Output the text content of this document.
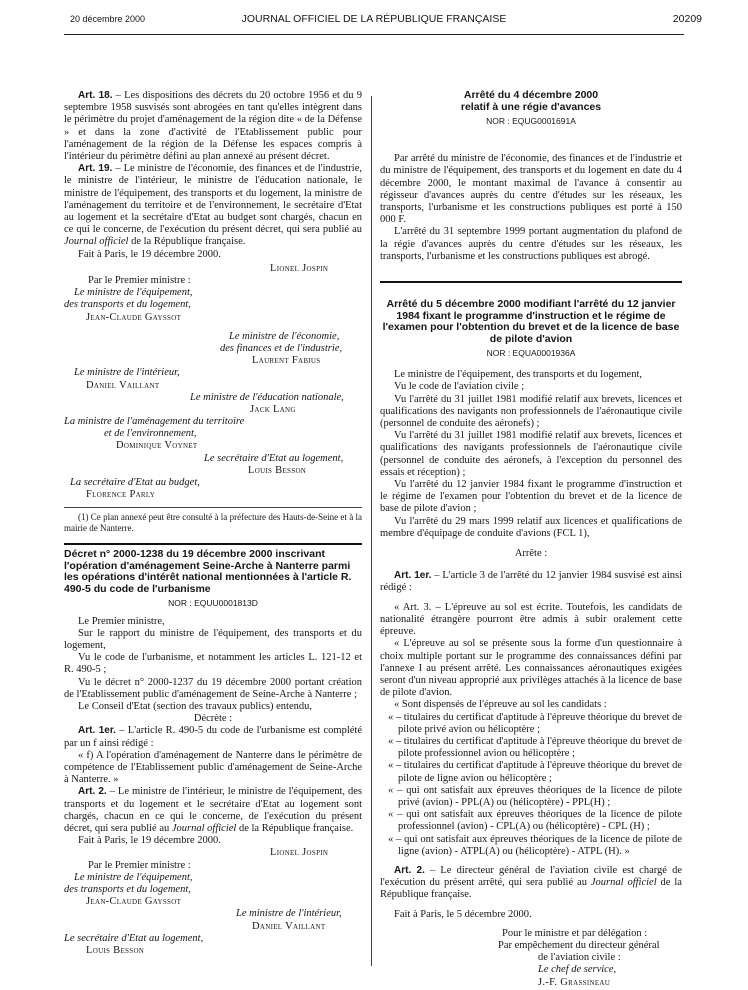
20 décembre 2000	JOURNAL OFFICIEL DE LA RÉPUBLIQUE FRANÇAISE	20209

Art. 18. – Les dispositions des décrets du 20 octobre 1956 et du 9 septembre 1958 susvisés sont abrogées en tant qu'elles intègrent dans le périmètre du projet d'aménagement de la région dite « de la Défense » et dans la zone d'activité de l'Etablissement public pour l'aménagement de la région de la Défense les espaces compris à l'intérieur du périmètre défini au plan annexé au présent décret.

Art. 19. – Le ministre de l'économie, des finances et de l'industrie, le ministre de l'intérieur, le ministre de l'éducation nationale, le ministre de l'équipement, des transports et du logement, la ministre de l'aménagement du territoire et de l'environnement, le secrétaire d'Etat au logement et la secrétaire d'Etat au budget sont chargés, chacun en ce qui le concerne, de l'exécution du présent décret, qui sera publié au Journal officiel de la République française.

Fait à Paris, le 19 décembre 2000.

Lionel Jospin
Par le Premier ministre :
Le ministre de l'équipement,
des transports et du logement,
Jean-Claude Gayssot
Le ministre de l'économie,
des finances et de l'industrie,
Laurent Fabius
Le ministre de l'intérieur,
Daniel Vaillant
Le ministre de l'éducation nationale,
Jack Lang
La ministre de l'aménagement du territoire
et de l'environnement,
Dominique Voynet
Le secrétaire d'Etat au logement,
Louis Besson
La secrétaire d'Etat au budget,
Florence Parly

(1) Ce plan annexé peut être consulté à la préfecture des Hauts-de-Seine et à la mairie de Nanterre.

Décret n° 2000-1238 du 19 décembre 2000 inscrivant l'opération d'aménagement Seine-Arche à Nanterre parmi les opérations d'intérêt national mentionnées à l'article R. 490-5 du code de l'urbanisme
NOR : EQUU0001813D

Le Premier ministre,

Sur le rapport du ministre de l'équipement, des transports et du logement,

Vu le code de l'urbanisme, et notamment les articles L. 121-12 et R. 490-5 ;

Vu le décret n° 2000-1237 du 19 décembre 2000 portant création de l'Etablissement public d'aménagement de Seine-Arche à Nanterre ;

Le Conseil d'Etat (section des travaux publics) entendu,

Décrète :

Art. 1er. – L'article R. 490-5 du code de l'urbanisme est complété par un f ainsi rédigé :

« f) A l'opération d'aménagement de Nanterre dans le périmètre de compétence de l'Etablissement public d'aménagement de Seine-Arche à Nanterre. »

Art. 2. – Le ministre de l'intérieur, le ministre de l'équipement, des transports et du logement et le secrétaire d'Etat au logement sont chargés, chacun en ce qui le concerne, de l'exécution du présent décret, qui sera publié au Journal officiel de la République française.

Fait à Paris, le 19 décembre 2000.

Lionel Jospin
Par le Premier ministre :
Le ministre de l'équipement,
des transports et du logement,
Jean-Claude Gayssot
Le ministre de l'intérieur,
Daniel Vaillant
Le secrétaire d'Etat au logement,
Louis Besson
Arrêté du 4 décembre 2000
relatif à une régie d'avances
NOR : EQUG0001691A

Par arrêté du ministre de l'économie, des finances et de l'industrie et du ministre de l'équipement, des transports et du logement en date du 4 décembre 2000, le montant maximal de l'avance à consentir au régisseur d'avances auprès du centre d'études sur les réseaux, les transports, l'urbanisme et les constructions publiques est porté à 150 000 F.

L'arrêté du 31 septembre 1999 portant augmentation du plafond de la régie d'avances auprès du centre d'études sur les réseaux, les transports, l'urbanisme et les constructions publiques est abrogé.

Arrêté du 5 décembre 2000 modifiant l'arrêté du 12 janvier 1984 fixant le programme d'instruction et le régime de l'examen pour l'obtention du brevet et de la licence de base de pilote d'avion
NOR : EQUA0001936A

Le ministre de l'équipement, des transports et du logement,

Vu le code de l'aviation civile ;

Vu l'arrêté du 31 juillet 1981 modifié relatif aux brevets, licences et qualifications des navigants non professionnels de l'aéronautique civile (personnel de conduite des aéronefs) ;

Vu l'arrêté du 31 juillet 1981 modifié relatif aux brevets, licences et qualifications des navigants professionnels de l'aéronautique civile (personnel de conduite des aéronefs, à l'exception du personnel des essais et réception) ;

Vu l'arrêté du 12 janvier 1984 fixant le programme d'instruction et le régime de l'examen pour l'obtention du brevet et de la licence de base de pilote d'avion ;

Vu l'arrêté du 29 mars 1999 relatif aux licences et qualifications de membre d'équipage de conduite d'avions (FCL 1),

Arrête :

Art. 1er. – L'article 3 de l'arrêté du 12 janvier 1984 susvisé est ainsi rédigé :

« Art. 3. – L'épreuve au sol est écrite. Toutefois, les candidats de nationalité étrangère pourront être admis à subir oralement cette épreuve.

« L'épreuve au sol se présente sous la forme d'un questionnaire à choix multiple portant sur le programme des connaissances défini par l'annexe I au présent arrêté. Les connaissances aéronautiques exigées seront d'un niveau approprié aux privilèges attachés à la licence de base de pilote d'avion.

« Sont dispensés de l'épreuve au sol les candidats :

« – titulaires du certificat d'aptitude à l'épreuve théorique du brevet de pilote privé avion ou hélicoptère ;

« – titulaires du certificat d'aptitude à l'épreuve théorique du brevet de pilote professionnel avion ou hélicoptère ;

« – titulaires du certificat d'aptitude à l'épreuve théorique du brevet de pilote de ligne avion ou hélicoptère ;

« – qui ont satisfait aux épreuves théoriques de la licence de pilote privé (avion) - PPL(A) ou (hélicoptère) - PPL(H) ;

« – qui ont satisfait aux épreuves théoriques de la licence de pilote professionnel (avion) - CPL(A) ou (hélicoptère) - CPL (H) ;

« – qui ont satisfait aux épreuves théoriques de la licence de pilote de ligne (avion) - ATPL(A) ou (hélicoptère) - ATPL (H). »

Art. 2. – Le directeur général de l'aviation civile est chargé de l'exécution du présent arrêté, qui sera publié au Journal officiel de la République française.

Fait à Paris, le 5 décembre 2000.

Pour le ministre et par délégation :
Par empêchement du directeur général
de l'aviation civile :
Le chef de service,
J.-F. Grassineau
